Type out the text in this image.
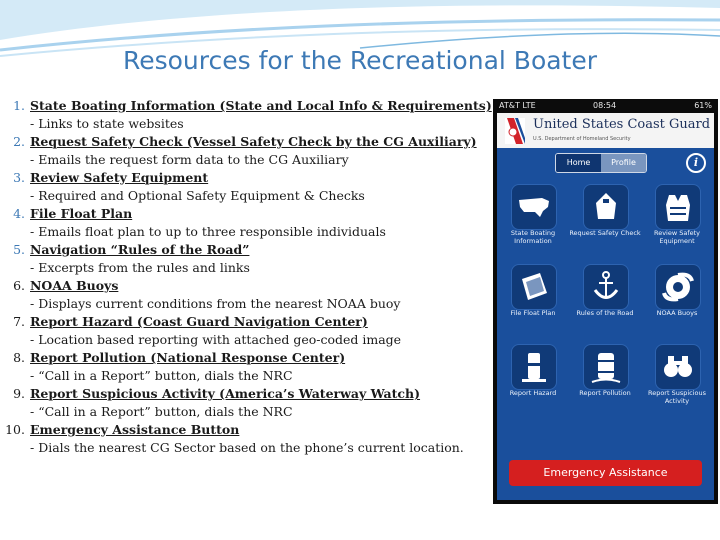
Resources for the Recreational Boater
1. State Boating Information (State and Local Info & Requirements)
- Links to state websites
2. Request Safety Check (Vessel Safety Check by the CG Auxiliary)
- Emails the request form data to the CG Auxiliary
3. Review Safety Equipment
- Required and Optional Safety Equipment & Checks
4. File Float Plan
- Emails float plan to up to three responsible individuals
5. Navigation “Rules of the Road”
- Excerpts from the rules and links
6. NOAA Buoys
- Displays current conditions from the nearest NOAA buoy
7. Report Hazard (Coast Guard Navigation Center)
- Location based reporting with attached geo-coded image
8. Report Pollution (National Response Center)
- “Call in a Report” button, dials the NRC
9. Report Suspicious Activity (America’s Waterway Watch)
- “Call in a Report” button, dials the NRC
10. Emergency Assistance Button
- Dials the nearest CG Sector based on the phone’s current location.
AT&T LTE	08:54	61%
United States Coast Guard
U.S. Department of Homeland Security
Home	Profile	i
State Boating Information
Request Safety Check	Review Safety Equipment
File Float Plan	Rules of the Road	NOAA Buoys
Report Hazard	Report Pollution	Report Suspicious Activity
Emergency Assistance
